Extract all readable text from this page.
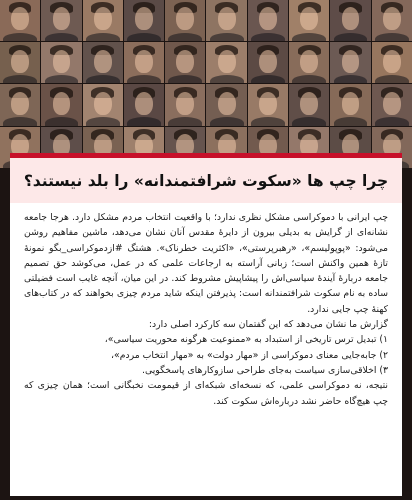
چرا چپ ها «سکوت شرافتمندانه» را بلد نیستند؟

چپ ایرانی با دموکراسی مشکل نظری ندارد؛ با واقعیت انتخاب مردم مشکل دارد. هرجا جامعه نشانه‌ای از گرایش به بدیلی بیرون از دایرهٔ مقدس آنان نشان می‌دهد، ماشین مفاهیم روشن می‌شود: «پوپولیسم»، «رهبرپرستی»، «اکثریت خطرناک». هشتگ #ازدموکراسی_بگو نمونهٔ تازهٔ همین واکنش است؛ زبانی آراسته به ارجاعات علمی که در عمل، می‌کوشد حق تصمیم جامعه دربارهٔ آیندهٔ سیاسی‌اش را پیشاپیش مشروط کند. در این میان، آنچه غایب است فضیلتی ساده به نام سکوت شرافتمندانه است: پذیرفتن اینکه شاید مردم چیزی بخواهند که در کتاب‌های کهنهٔ چپ جایی ندارد.

گزارش ما نشان می‌دهد که این گفتمان سه کارکرد اصلی دارد:

۱) تبدیل ترس تاریخی از استبداد به «ممنوعیت هرگونه محوریت سیاسی»،

۲) جابه‌جایی معنای دموکراسی از «مهار دولت» به «مهار انتخاب مردم»،

۳) اخلاقی‌سازی سیاست به‌جای طراحی سازوکارهای پاسخگویی.

نتیجه، نه دموکراسی علمی، که نسخه‌ای شبکه‌ای از قیمومت نخبگانی است؛ همان چیزی که چپ هیچ‌گاه حاضر نشد درباره‌اش سکوت کند.
